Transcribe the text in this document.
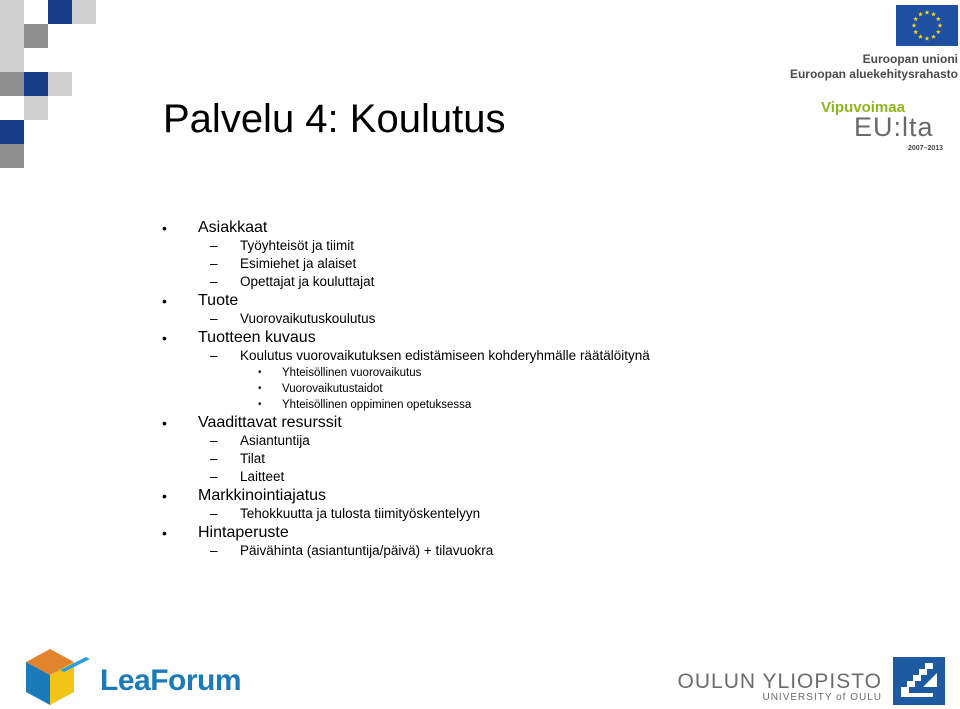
Euroopan unioni
Euroopan aluekehitysrahasto
Vipuvoimaa
EU:lta
2007–2013
Palvelu 4: Koulutus
• Asiakkaat
– Työyhteisöt ja tiimit
– Esimiehet ja alaiset
– Opettajat ja kouluttajat
• Tuote
– Vuorovaikutuskoulutus
• Tuotteen kuvaus
– Koulutus vuorovaikutuksen edistämiseen kohderyhmälle räätälöitynä
• Yhteisöllinen vuorovaikutus
• Vuorovaikutustaidot
• Yhteisöllinen oppiminen opetuksessa
• Vaadittavat resurssit
– Asiantuntija
– Tilat
– Laitteet
• Markkinointiajatus
– Tehokkuutta ja tulosta tiimityöskentelyyn
• Hintaperuste
– Päivähinta (asiantuntija/päivä) + tilavuokra
LeaForum	OULUN YLIOPISTO
UNIVERSITY of OULU
